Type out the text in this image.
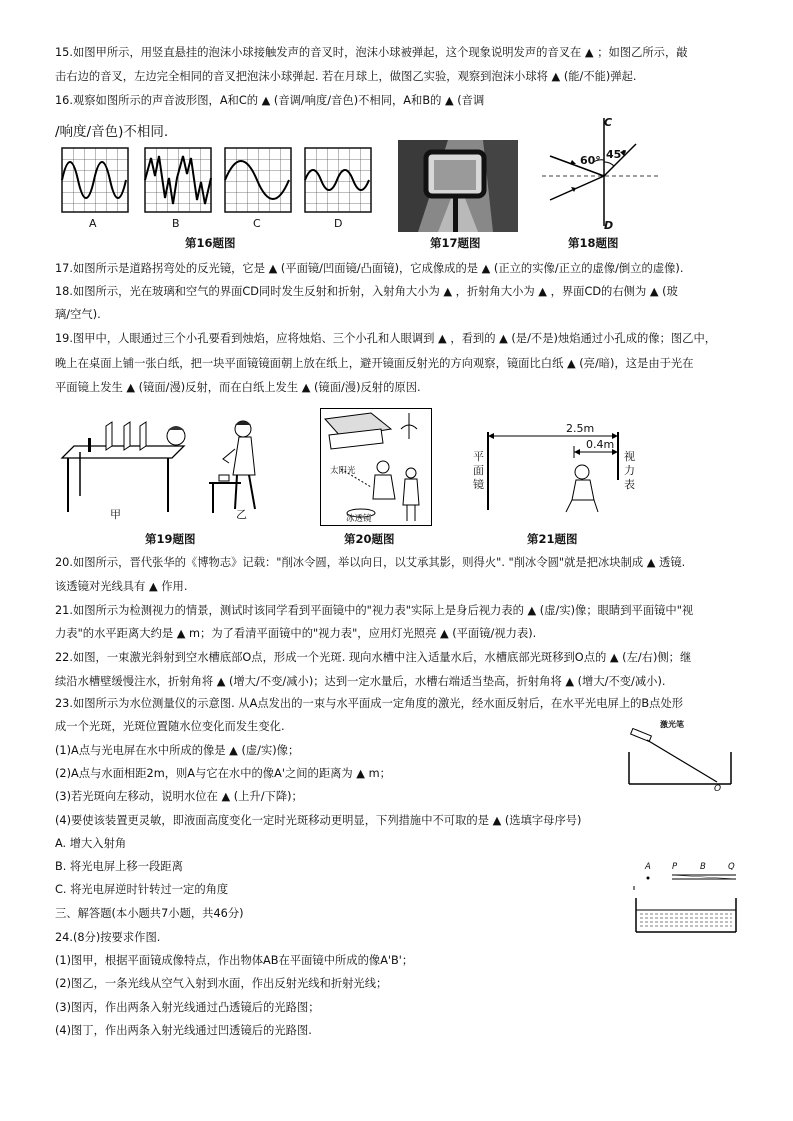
15.如图甲所示，用竖直悬挂的泡沫小球接触发声的音叉时，泡沫小球被弹起，这个现象说明发声的音叉在 ▲ ；如图乙所示，敲
击右边的音叉，左边完全相同的音叉把泡沫小球弹起. 若在月球上，做图乙实验，观察到泡沫小球将 ▲ (能/不能)弹起.
16.观察如图所示的声音波形图，A和C的 ▲ (音调/响度/音色)不相同，A和B的 ▲ (音调
/响度/音色)不相同.
A	B	C	D
第16题图	第17题图
C
D
60° 45°
第18题图
17.如图所示是道路拐弯处的反光镜，它是 ▲ (平面镜/凹面镜/凸面镜)，它成像成的是 ▲ (正立的实像/正立的虚像/倒立的虚像).
18.如图所示，光在玻璃和空气的界面CD同时发生反射和折射，入射角大小为 ▲ ，折射角大小为 ▲ ，界面CD的右侧为 ▲ (玻
璃/空气).
19.图甲中，人眼通过三个小孔要看到烛焰，应将烛焰、三个小孔和人眼调到 ▲ ，看到的 ▲ (是/不是)烛焰通过小孔成的像；图乙中，
晚上在桌面上铺一张白纸，把一块平面镜镜面朝上放在纸上，避开镜面反射光的方向观察，镜面比白纸 ▲ (亮/暗)，这是由于光在
平面镜上发生 ▲ (镜面/漫)反射，而在白纸上发生 ▲ (镜面/漫)反射的原因.
甲	乙
第19题图
太阳光
冰透镜
第20题图
2.5m
0.4m
平面镜
视力表
第21题图
20.如图所示，晋代张华的《博物志》记载："削冰令圆，举以向日，以艾承其影，则得火". "削冰令圆"就是把冰块制成 ▲ 透镜.
该透镜对光线具有 ▲ 作用.
21.如图所示为检测视力的情景，测试时该同学看到平面镜中的"视力表"实际上是身后视力表的 ▲ (虚/实)像；眼睛到平面镜中"视
力表"的水平距离大约是 ▲ m；为了看清平面镜中的"视力表"，应用灯光照亮 ▲ (平面镜/视力表).
22.如图，一束激光斜射到空水槽底部O点，形成一个光斑. 现向水槽中注入适量水后，水槽底部光斑移到O点的 ▲ (左/右)侧；继
续沿水槽壁缓慢注水，折射角将 ▲ (增大/不变/减小)；达到一定水量后，水槽右端适当垫高，折射角将 ▲ (增大/不变/减小).
23.如图所示为水位测量仪的示意图. 从A点发出的一束与水平面成一定角度的激光，经水面反射后，在水平光电屏上的B点处形
成一个光斑，光斑位置随水位变化而发生变化.
(1)A点与光电屏在水中所成的像是 ▲ (虚/实)像；
(2)A点与水面相距2m，则A与它在水中的像A'之间的距离为 ▲ m；
(3)若光斑向左移动，说明水位在 ▲ (上升/下降)；
(4)要使该装置更灵敏，即液面高度变化一定时光斑移动更明显，下列措施中不可取的是 ▲ (选填字母序号)
A. 增大入射角
B. 将光电屏上移一段距离
C. 将光电屏逆时针转过一定的角度
激光笔
O
A P	B	Q
三、解答题(本小题共7小题，共46分)
24.(8分)按要求作图.
(1)图甲，根据平面镜成像特点，作出物体AB在平面镜中所成的像A'B'；
(2)图乙，一条光线从空气入射到水面，作出反射光线和折射光线；
(3)图丙，作出两条入射光线通过凸透镜后的光路图；
(4)图丁，作出两条入射光线通过凹透镜后的光路图.
